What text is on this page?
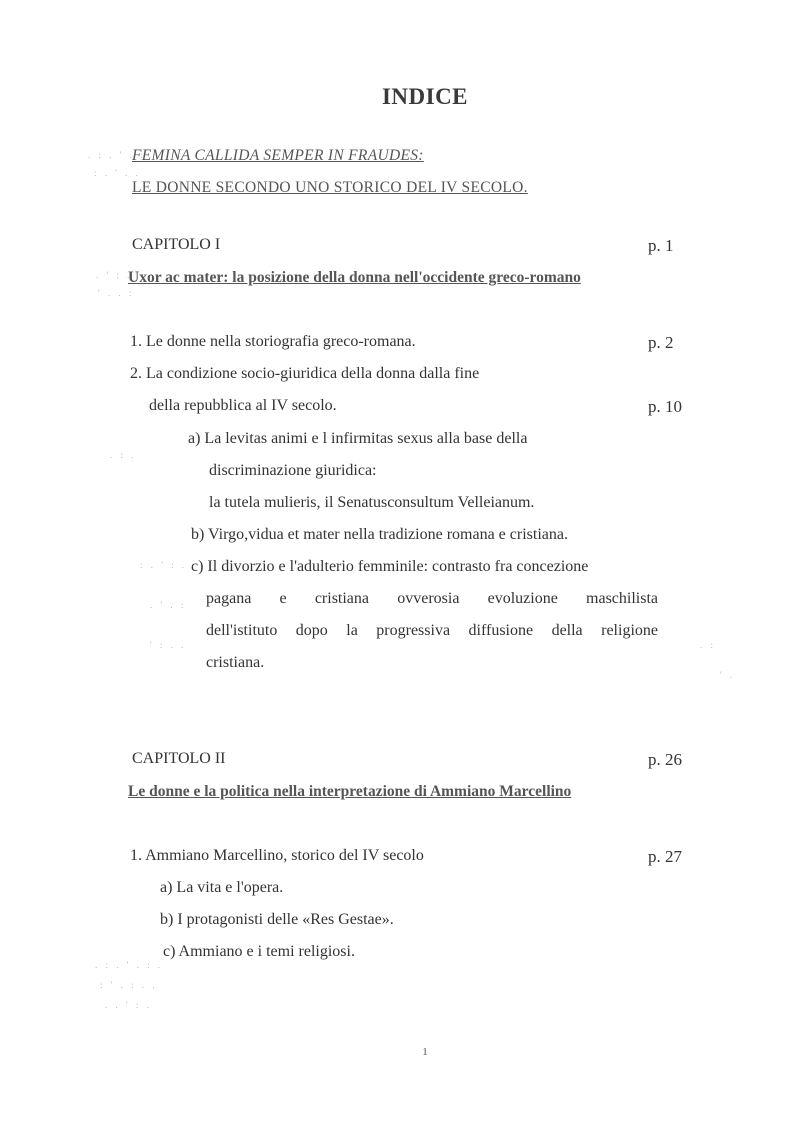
. : . ' . :
: . ' . .
. ' : .
' . . :
. : .
: . ' : .
. ' . :
' : . .
. : . ' . : .
: ' . : . .
. . ' : .
. :
' .
INDICE
FEMINA CALLIDA SEMPER IN FRAUDES:
LE DONNE SECONDO UNO STORICO DEL IV SECOLO.
CAPITOLO I	p. 1
Uxor ac mater: la posizione della donna nell'occidente greco-romano
1. Le donne nella storiografia greco-romana.	p. 2
2. La condizione socio-giuridica della donna dalla fine
della repubblica al IV secolo.	p. 10
a) La levitas animi e l infirmitas sexus alla base della
discriminazione giuridica:
la tutela mulieris, il Senatusconsultum Velleianum.
b) Virgo,vidua et mater nella tradizione romana e cristiana.
c) Il divorzio e l'adulterio femminile: contrasto fra concezione
pagana e cristiana ovverosia evoluzione maschilista
dell'istituto dopo la progressiva diffusione della religione
cristiana.
CAPITOLO II	p. 26
Le donne e la politica nella interpretazione di Ammiano Marcellino
1. Ammiano Marcellino, storico del IV secolo	p. 27
a) La vita e l'opera.
b) I protagonisti delle «Res Gestae».
c) Ammiano e i temi religiosi.
1
